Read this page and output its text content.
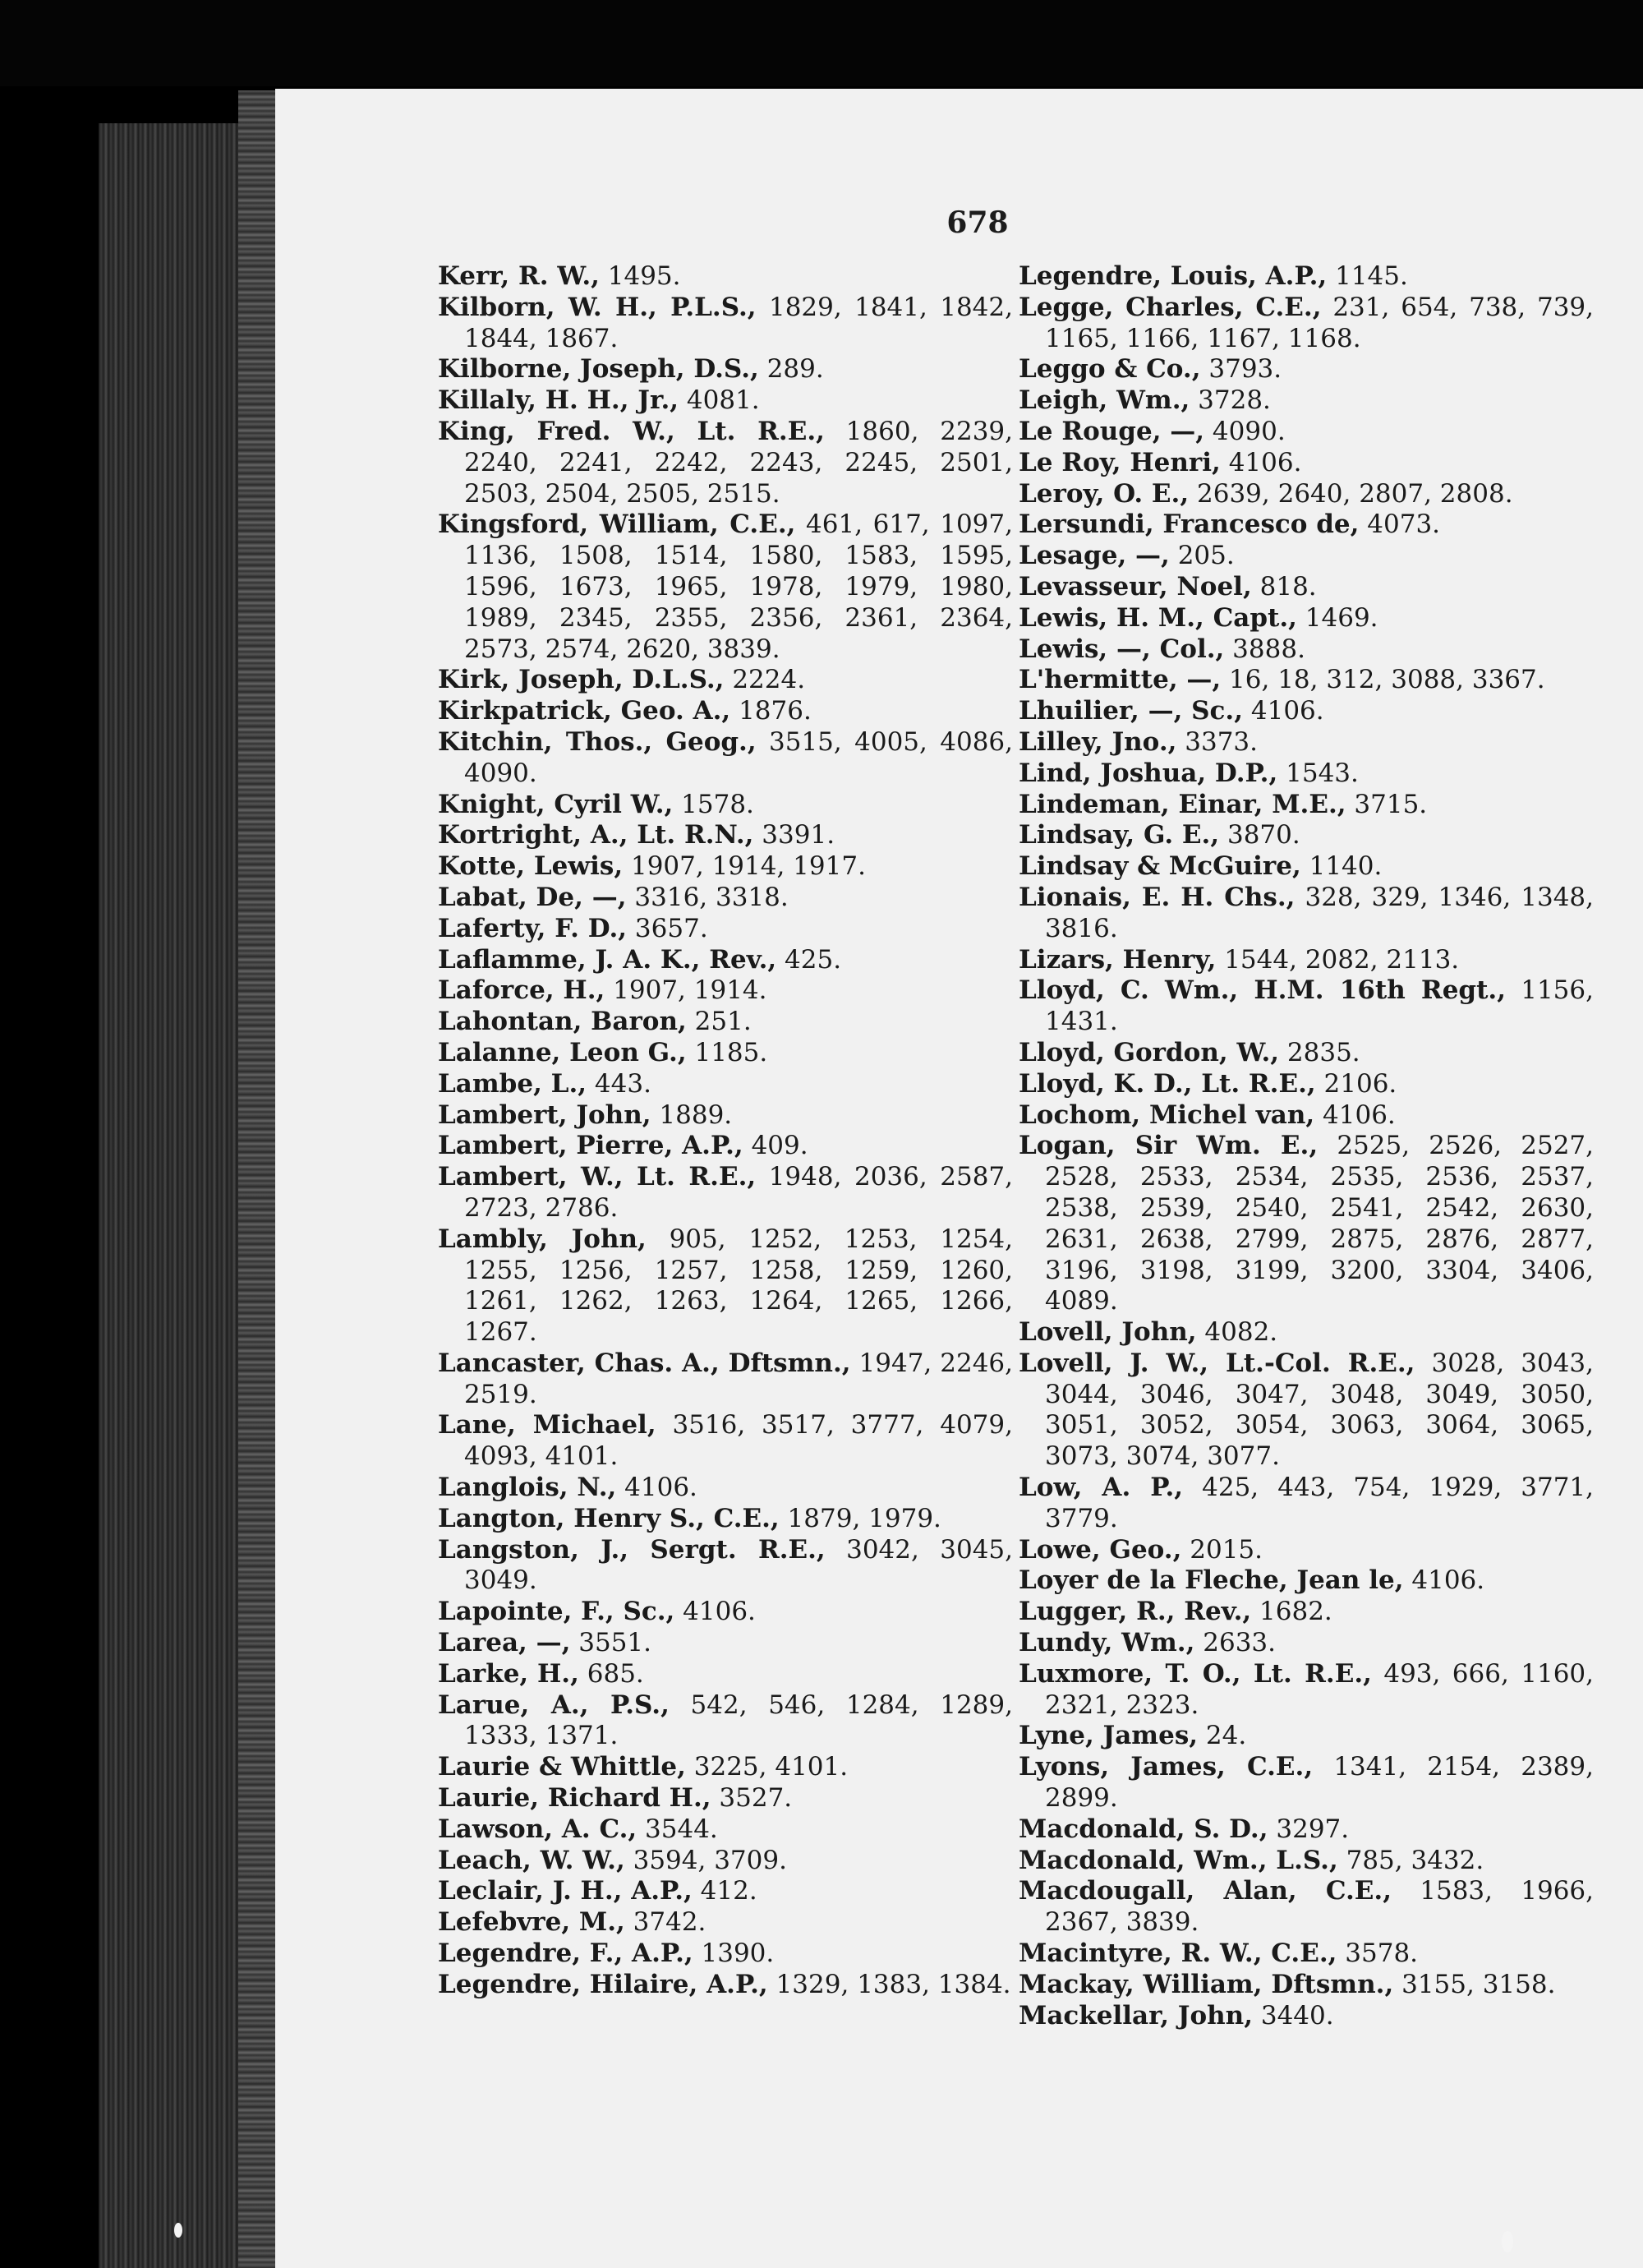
678
Kerr, R. W., 1495.
Kilborn, W. H., P.L.S., 1829, 1841, 1842, 1844, 1867.
Kilborne, Joseph, D.S., 289.
Killaly, H. H., Jr., 4081.
King, Fred. W., Lt. R.E., 1860, 2239, 2240, 2241, 2242, 2243, 2245, 2501, 2503, 2504, 2505, 2515.
Kingsford, William, C.E., 461, 617, 1097, 1136, 1508, 1514, 1580, 1583, 1595, 1596, 1673, 1965, 1978, 1979, 1980, 1989, 2345, 2355, 2356, 2361, 2364, 2573, 2574, 2620, 3839.
Kirk, Joseph, D.L.S., 2224.
Kirkpatrick, Geo. A., 1876.
Kitchin, Thos., Geog., 3515, 4005, 4086, 4090.
Knight, Cyril W., 1578.
Kortright, A., Lt. R.N., 3391.
Kotte, Lewis, 1907, 1914, 1917.
Labat, De, —, 3316, 3318.
Laferty, F. D., 3657.
Laflamme, J. A. K., Rev., 425.
Laforce, H., 1907, 1914.
Lahontan, Baron, 251.
Lalanne, Leon G., 1185.
Lambe, L., 443.
Lambert, John, 1889.
Lambert, Pierre, A.P., 409.
Lambert, W., Lt. R.E., 1948, 2036, 2587, 2723, 2786.
Lambly, John, 905, 1252, 1253, 1254, 1255, 1256, 1257, 1258, 1259, 1260, 1261, 1262, 1263, 1264, 1265, 1266, 1267.
Lancaster, Chas. A., Dftsmn., 1947, 2246, 2519.
Lane, Michael, 3516, 3517, 3777, 4079, 4093, 4101.
Langlois, N., 4106.
Langton, Henry S., C.E., 1879, 1979.
Langston, J., Sergt. R.E., 3042, 3045, 3049.
Lapointe, F., Sc., 4106.
Larea, —, 3551.
Larke, H., 685.
Larue, A., P.S., 542, 546, 1284, 1289, 1333, 1371.
Laurie & Whittle, 3225, 4101.
Laurie, Richard H., 3527.
Lawson, A. C., 3544.
Leach, W. W., 3594, 3709.
Leclair, J. H., A.P., 412.
Lefebvre, M., 3742.
Legendre, F., A.P., 1390.
Legendre, Hilaire, A.P., 1329, 1383, 1384.
Legendre, Louis, A.P., 1145.
Legge, Charles, C.E., 231, 654, 738, 739, 1165, 1166, 1167, 1168.
Leggo & Co., 3793.
Leigh, Wm., 3728.
Le Rouge, —, 4090.
Le Roy, Henri, 4106.
Leroy, O. E., 2639, 2640, 2807, 2808.
Lersundi, Francesco de, 4073.
Lesage, —, 205.
Levasseur, Noel, 818.
Lewis, H. M., Capt., 1469.
Lewis, —, Col., 3888.
L'hermitte, —, 16, 18, 312, 3088, 3367.
Lhuilier, —, Sc., 4106.
Lilley, Jno., 3373.
Lind, Joshua, D.P., 1543.
Lindeman, Einar, M.E., 3715.
Lindsay, G. E., 3870.
Lindsay & McGuire, 1140.
Lionais, E. H. Chs., 328, 329, 1346, 1348, 3816.
Lizars, Henry, 1544, 2082, 2113.
Lloyd, C. Wm., H.M. 16th Regt., 1156, 1431.
Lloyd, Gordon, W., 2835.
Lloyd, K. D., Lt. R.E., 2106.
Lochom, Michel van, 4106.
Logan, Sir Wm. E., 2525, 2526, 2527, 2528, 2533, 2534, 2535, 2536, 2537, 2538, 2539, 2540, 2541, 2542, 2630, 2631, 2638, 2799, 2875, 2876, 2877, 3196, 3198, 3199, 3200, 3304, 3406, 4089.
Lovell, John, 4082.
Lovell, J. W., Lt.-Col. R.E., 3028, 3043, 3044, 3046, 3047, 3048, 3049, 3050, 3051, 3052, 3054, 3063, 3064, 3065, 3073, 3074, 3077.
Low, A. P., 425, 443, 754, 1929, 3771, 3779.
Lowe, Geo., 2015.
Loyer de la Fleche, Jean le, 4106.
Lugger, R., Rev., 1682.
Lundy, Wm., 2633.
Luxmore, T. O., Lt. R.E., 493, 666, 1160, 2321, 2323.
Lyne, James, 24.
Lyons, James, C.E., 1341, 2154, 2389, 2899.
Macdonald, S. D., 3297.
Macdonald, Wm., L.S., 785, 3432.
Macdougall, Alan, C.E., 1583, 1966, 2367, 3839.
Macintyre, R. W., C.E., 3578.
Mackay, William, Dftsmn., 3155, 3158.
Mackellar, John, 3440.
